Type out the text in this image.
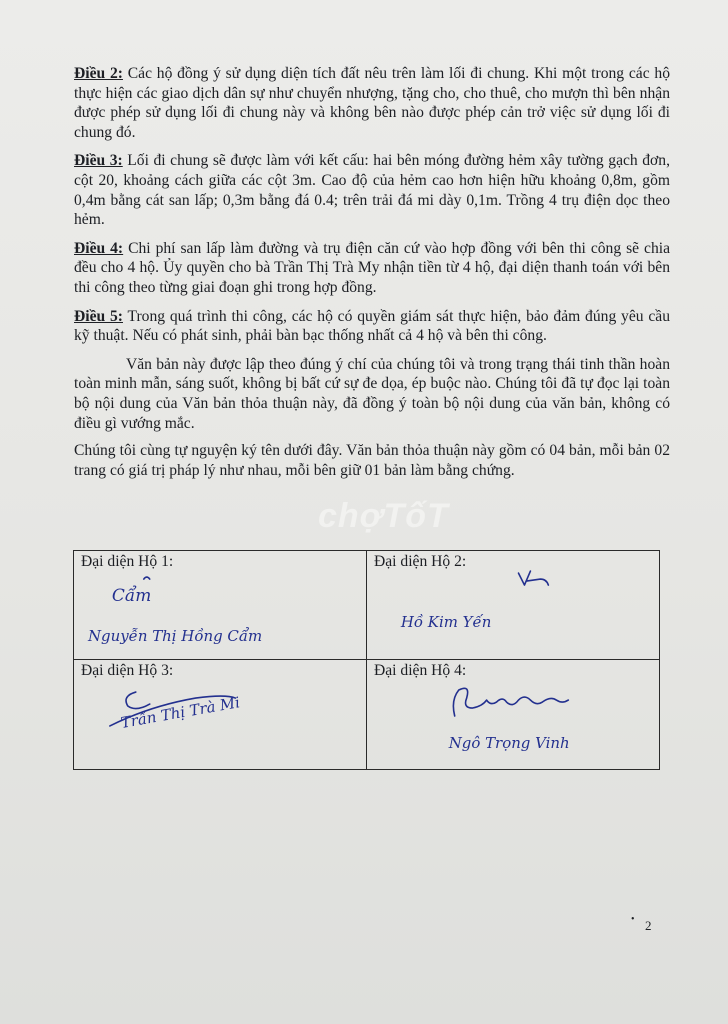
Điều 2: Các hộ đồng ý sử dụng diện tích đất nêu trên làm lối đi chung. Khi một trong các hộ thực hiện các giao dịch dân sự như chuyển nhượng, tặng cho, cho thuê, cho mượn thì bên nhận được phép sử dụng lối đi chung này và không bên nào được phép cản trở việc sử dụng lối đi chung đó.

Điều 3: Lối đi chung sẽ được làm với kết cấu: hai bên móng đường hẻm xây tường gạch đơn, cột 20, khoảng cách giữa các cột 3m. Cao độ của hẻm cao hơn hiện hữu khoảng 0,8m, gồm 0,4m bằng cát san lấp; 0,3m bằng đá 0.4; trên trải đá mi dày 0,1m. Trồng 4 trụ điện dọc theo hẻm.

Điều 4: Chi phí san lấp làm đường và trụ điện căn cứ vào hợp đồng với bên thi công sẽ chia đều cho 4 hộ. Ủy quyền cho bà Trần Thị Trà My nhận tiền từ 4 hộ, đại diện thanh toán với bên thi công theo từng giai đoạn ghi trong hợp đồng.

Điều 5: Trong quá trình thi công, các hộ có quyền giám sát thực hiện, bảo đảm đúng yêu cầu kỹ thuật. Nếu có phát sinh, phải bàn bạc thống nhất cả 4 hộ và bên thi công.

Văn bản này được lập theo đúng ý chí của chúng tôi và trong trạng thái tinh thần hoàn toàn minh mẫn, sáng suốt, không bị bất cứ sự đe dọa, ép buộc nào. Chúng tôi đã tự đọc lại toàn bộ nội dung của Văn bản thỏa thuận này, đã đồng ý toàn bộ nội dung của văn bản, không có điều gì vướng mắc.

Chúng tôi cùng tự nguyện ký tên dưới đây. Văn bản thỏa thuận này gồm có 04 bản, mỗi bản 02 trang có giá trị pháp lý như nhau, mỗi bên giữ 01 bản làm bằng chứng.

chợTốT
Đại diện Hộ 1:
Cẩm
Nguyễn Thị Hồng Cẩm	Đại diện Hộ 2:
Hồ Kim Yến

Đại diện Hộ 3:
Trần Thị Trà Mi	Đại diện Hộ 4:
Ngô Trọng Vinh
• 2
